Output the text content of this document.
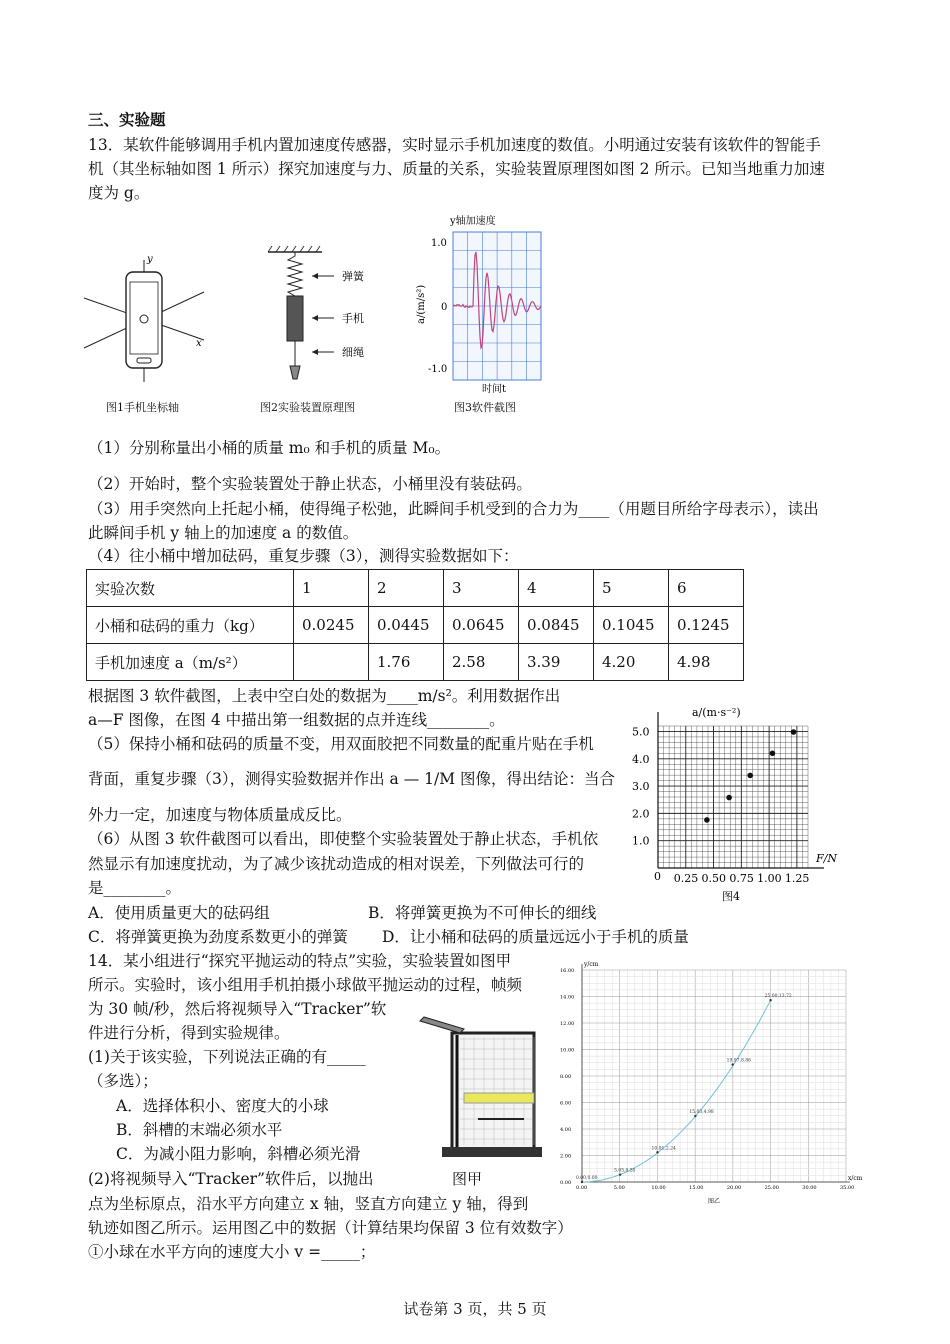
三、实验题
13．某软件能够调用手机内置加速度传感器，实时显示手机加速度的数值。小明通过安装有该软件的智能手
机（其坐标轴如图 1 所示）探究加速度与力、质量的关系，实验装置原理图如图 2 所示。已知当地重力加速
度为 g。
x
y
图1手机坐标轴
弹簧
手机
细绳
图2实验装置原理图
y轴加速度
1.0
0
-1.0
a/(m/s²)
时间t
图3软件截图
（1）分别称量出小桶的质量 m₀ 和手机的质量 M₀。
（2）开始时，整个实验装置处于静止状态，小桶里没有装砝码。
（3）用手突然向上托起小桶，使得绳子松弛，此瞬间手机受到的合力为____（用题目所给字母表示），读出
此瞬间手机 y 轴上的加速度 a 的数值。
（4）往小桶中增加砝码，重复步骤（3），测得实验数据如下：
实验次数	1	2	3	4	5	6
小桶和砝码的重力（kg）	0.0245	0.0445	0.0645	0.0845	0.1045	0.1245
手机加速度 a（m/s²）		1.76	2.58	3.39	4.20	4.98
根据图 3 软件截图，上表中空白处的数据为____m/s²。利用数据作出
a—F 图像，在图 4 中描出第一组数据的点并连线________。
（5）保持小桶和砝码的质量不变，用双面胶把不同数量的配重片贴在手机
背面，重复步骤（3），测得实验数据并作出 a — 1/M 图像，得出结论：当合
外力一定，加速度与物体质量成反比。
（6）从图 3 软件截图可以看出，即使整个实验装置处于静止状态，手机依
然显示有加速度扰动，为了减少该扰动造成的相对误差，下列做法可行的
是________。
0.25 0.50 0.75 1.00 1.25
1.0
2.0
3.0
4.0
5.0
a/(m·s⁻²)
F/N
0
图4
A．使用质量更大的砝码组	B．将弹簧更换为不可伸长的细线
C．将弹簧更换为劲度系数更小的弹簧 D．让小桶和砝码的质量远远小于手机的质量
14．某小组进行“探究平抛运动的特点”实验，实验装置如图甲
所示。实验时，该小组用手机拍摄小球做平抛运动的过程，帧频
为 30 帧/秒，然后将视频导入“Tracker”软
件进行分析，得到实验规律。
(1)关于该实验，下列说法正确的有_____
（多选）；
A．选择体积小、密度大的小球
B．斜槽的末端必须水平
C．为减小阻力影响，斜槽必须光滑
(2)将视频导入“Tracker”软件后，以抛出
点为坐标原点，沿水平方向建立 x 轴，竖直方向建立 y 轴，得到
轨迹如图乙所示。运用图乙中的数据（计算结果均保留 3 位有效数字）
①小球在水平方向的速度大小 v =_____；
图甲	0.00	5.00	10.00	15.00	20.00	25.00	30.00	35.00
0.00
2.00
4.00
6.00
8.00
10.00
12.00
14.00
16.00
0.00,0.00
5.05,0.55
10.01,2.24
15.03,4.98
19.97,8.86
25.00,13.72
y/cm
x/cm
图乙
试卷第 3 页，共 5 页
